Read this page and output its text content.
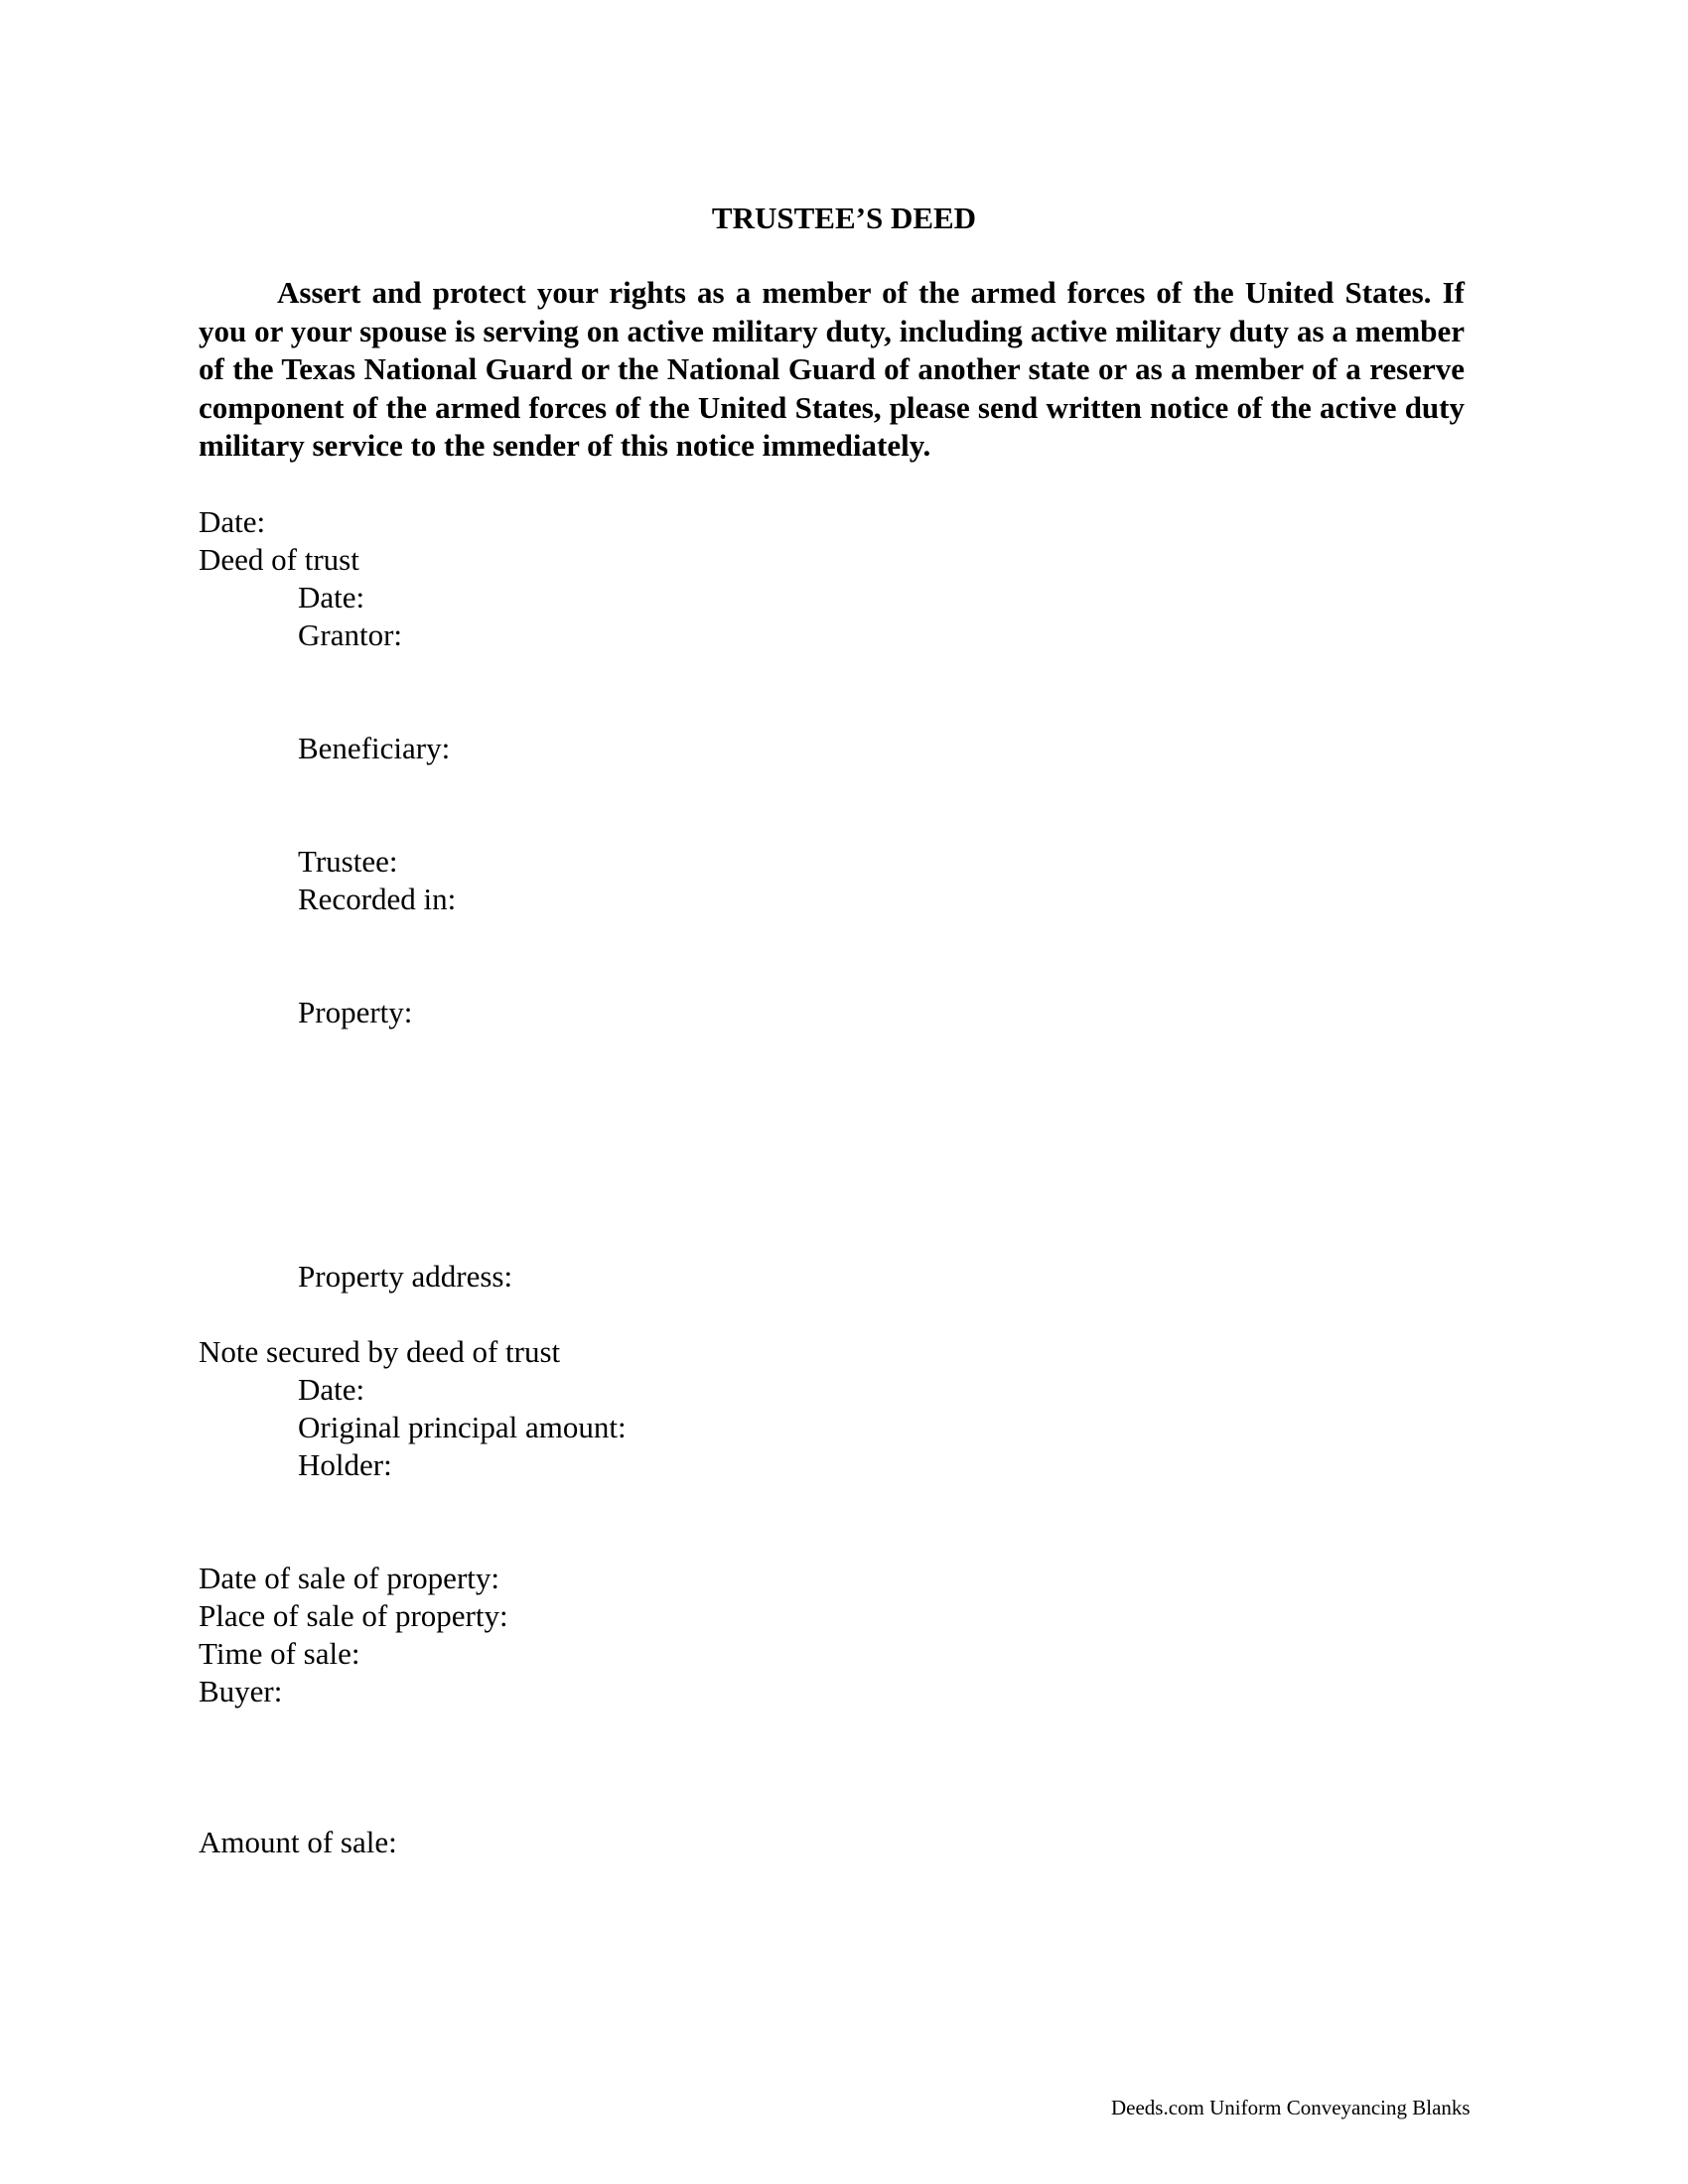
TRUSTEE’S DEED
Assert and protect your rights as a member of the armed forces of the United States. If you or your spouse is serving on active military duty, including active military duty as a member of the Texas National Guard or the National Guard of another state or as a member of a reserve component of the armed forces of the United States, please send written notice of the active duty military service to the sender of this notice immediately.
Date:
Deed of trust
Date:
Grantor:
Beneficiary:
Trustee:
Recorded in:
Property:
Property address:
Note secured by deed of trust
Date:
Original principal amount:
Holder:
Date of sale of property:
Place of sale of property:
Time of sale:
Buyer:
Amount of sale:
Deeds.com Uniform Conveyancing Blanks
